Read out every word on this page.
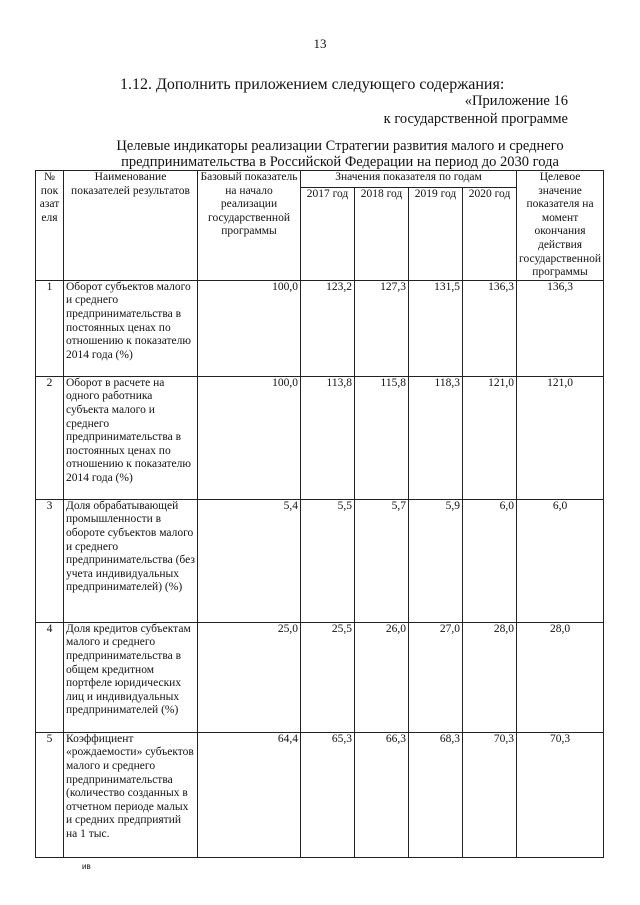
13
1.12. Дополнить приложением следующего содержания:
«Приложение 16
к государственной программе
Целевые индикаторы реализации Стратегии развития малого и среднего
предпринимательства в Российской Федерации на период до 2030 года
№ пок азат еля	Наименование показателей результатов	Базовый показатель на начало реализации государственной программы	Значения показателя по годам				Целевое значение показателя на момент окончания действия государственной программы
			2017 год	2018 год	2019 год	2020 год	
1	Оборот субъектов малого и среднего предпринимательства в постоянных ценах по отношению к показателю 2014 года (%)	100,0	123,2	127,3	131,5	136,3	136,3
2	Оборот в расчете на одного работника субъекта малого и среднего предпринимательства в постоянных ценах по отношению к показателю 2014 года (%)	100,0	113,8	115,8	118,3	121,0	121,0
3	Доля обрабатывающей промышленности в обороте субъектов малого и среднего предпринимательства (без учета индивидуальных предпринимателей) (%)	5,4	5,5	5,7	5,9	6,0	6,0
4	Доля кредитов субъектам малого и среднего предпринимательства в общем кредитном портфеле юридических лиц и индивидуальных предпринимателей (%)	25,0	25,5	26,0	27,0	28,0	28,0
5	Коэффициент «рождаемости» субъектов малого и среднего предпринимательства (количество созданных в отчетном периоде малых и средних предприятий на 1 тыс.	64,4	65,3	66,3	68,3	70,3	70,3
ив
